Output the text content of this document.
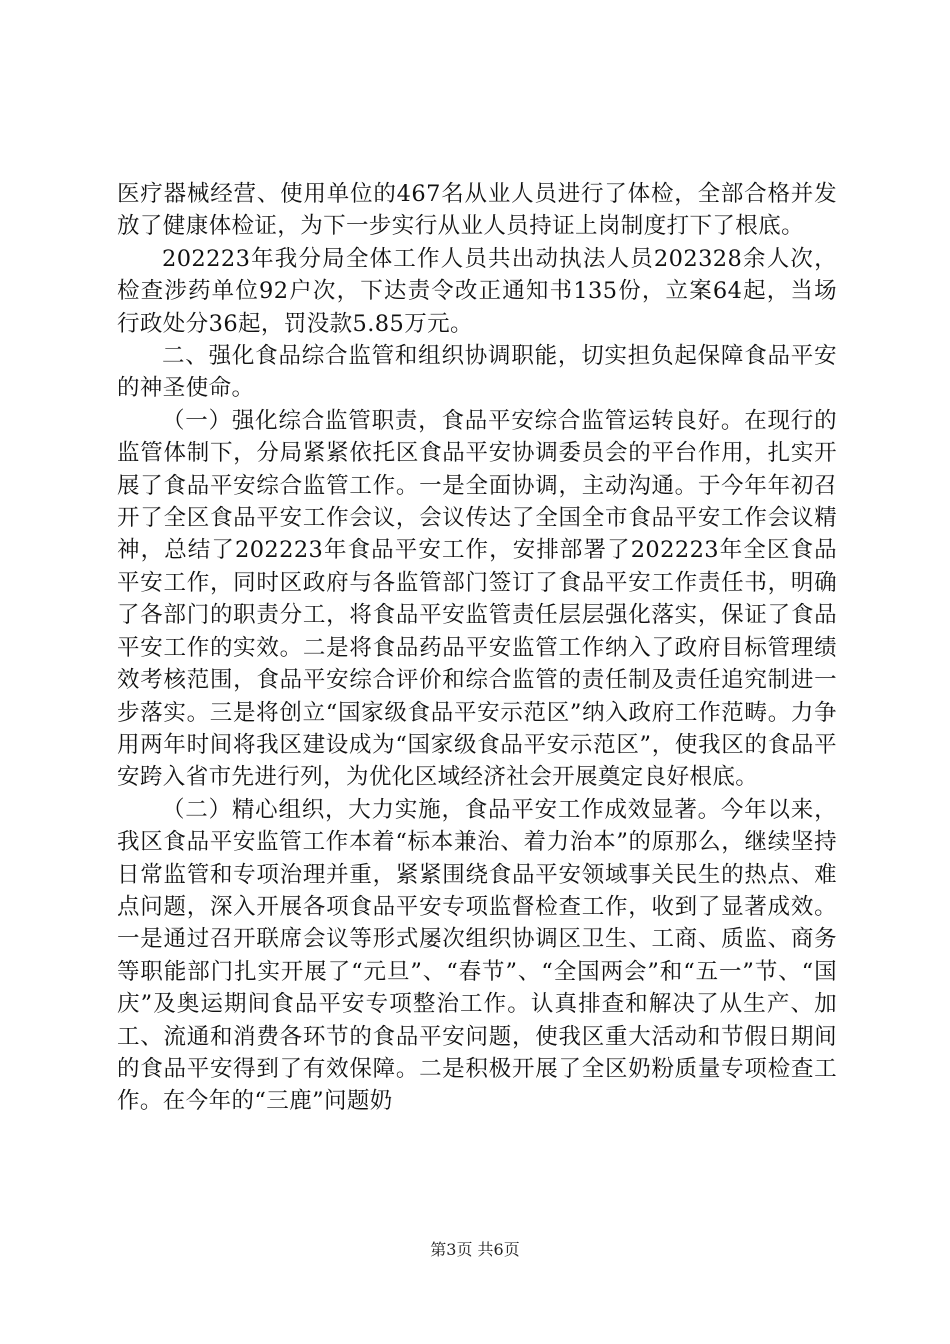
医疗器械经营、使用单位的467名从业人员进行了体检，全部合格并发放了健康体检证，为下一步实行从业人员持证上岗制度打下了根底。

202223年我分局全体工作人员共出动执法人员202328余人次，检查涉药单位92户次，下达责令改正通知书135份，立案64起，当场行政处分36起，罚没款5.85万元。

二、强化食品综合监管和组织协调职能，切实担负起保障食品平安的神圣使命。

（一）强化综合监管职责，食品平安综合监管运转良好。在现行的监管体制下，分局紧紧依托区食品平安协调委员会的平台作用，扎实开展了食品平安综合监管工作。一是全面协调，主动沟通。于今年年初召开了全区食品平安工作会议，会议传达了全国全市食品平安工作会议精神，总结了202223年食品平安工作，安排部署了202223年全区食品平安工作，同时区政府与各监管部门签订了食品平安工作责任书，明确了各部门的职责分工，将食品平安监管责任层层强化落实，保证了食品平安工作的实效。二是将食品药品平安监管工作纳入了政府目标管理绩效考核范围，食品平安综合评价和综合监管的责任制及责任追究制进一步落实。三是将创立“国家级食品平安示范区”纳入政府工作范畴。力争用两年时间将我区建设成为“国家级食品平安示范区”，使我区的食品平安跨入省市先进行列，为优化区域经济社会开展奠定良好根底。

（二）精心组织，大力实施，食品平安工作成效显著。今年以来，我区食品平安监管工作本着“标本兼治、着力治本”的原那么，继续坚持日常监管和专项治理并重，紧紧围绕食品平安领域事关民生的热点、难点问题，深入开展各项食品平安专项监督检查工作，收到了显著成效。一是通过召开联席会议等形式屡次组织协调区卫生、工商、质监、商务等职能部门扎实开展了“元旦”、“春节”、“全国两会”和“五一”节、“国庆”及奥运期间食品平安专项整治工作。认真排查和解决了从生产、加工、流通和消费各环节的食品平安问题，使我区重大活动和节假日期间的食品平安得到了有效保障。二是积极开展了全区奶粉质量专项检查工作。在今年的“三鹿”问题奶

第3页 共6页
